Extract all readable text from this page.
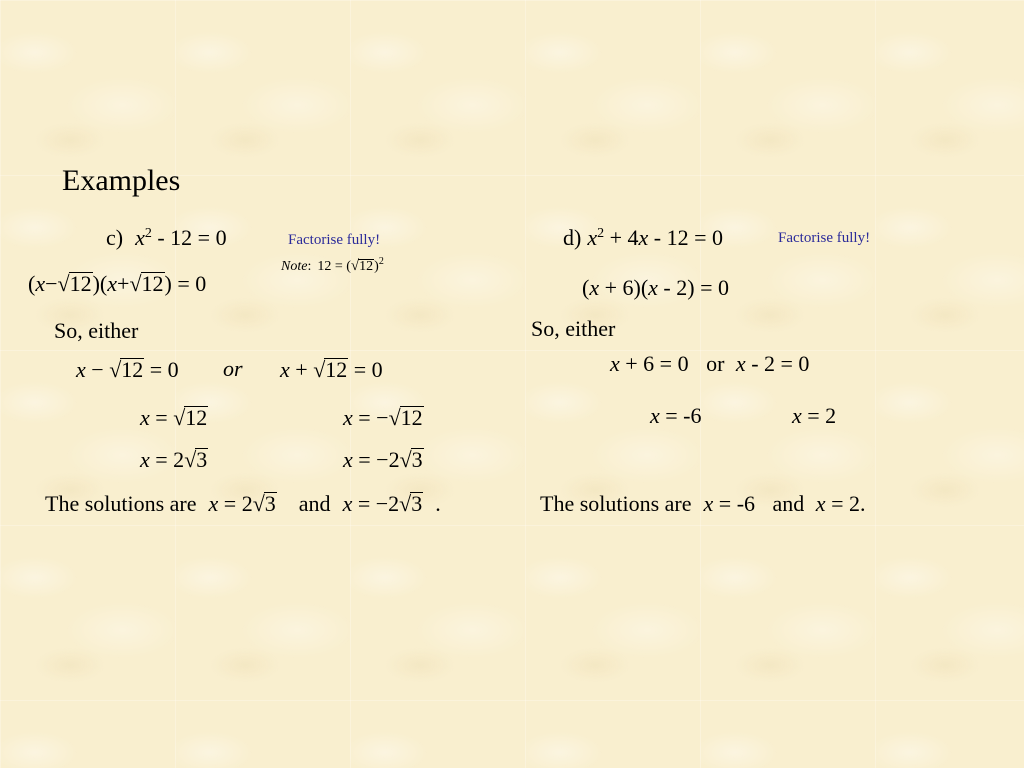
Examples
c) $x^2 - 12 = 0$	Factorise fully!
Note: 12 = ( √ 12 )$^2$
(x− √ 12 )(x+ √ 12 ) = 0
So, either
x − √ 12 = 0 or x + √ 12 = 0
x = √ 12	x = − √ 12
x = 2 √ 3	x = −2 √ 3
The solutions are x = 2 √ 3 and x = −2 √ 3 .
d) $x^2 + 4x - 12 = 0$	Factorise fully!
(x + 6)(x - 2) = 0
So, either
x + 6 = 0 or x - 2 = 0
x = -6	x = 2
The solutions are x = -6 and x = 2.
